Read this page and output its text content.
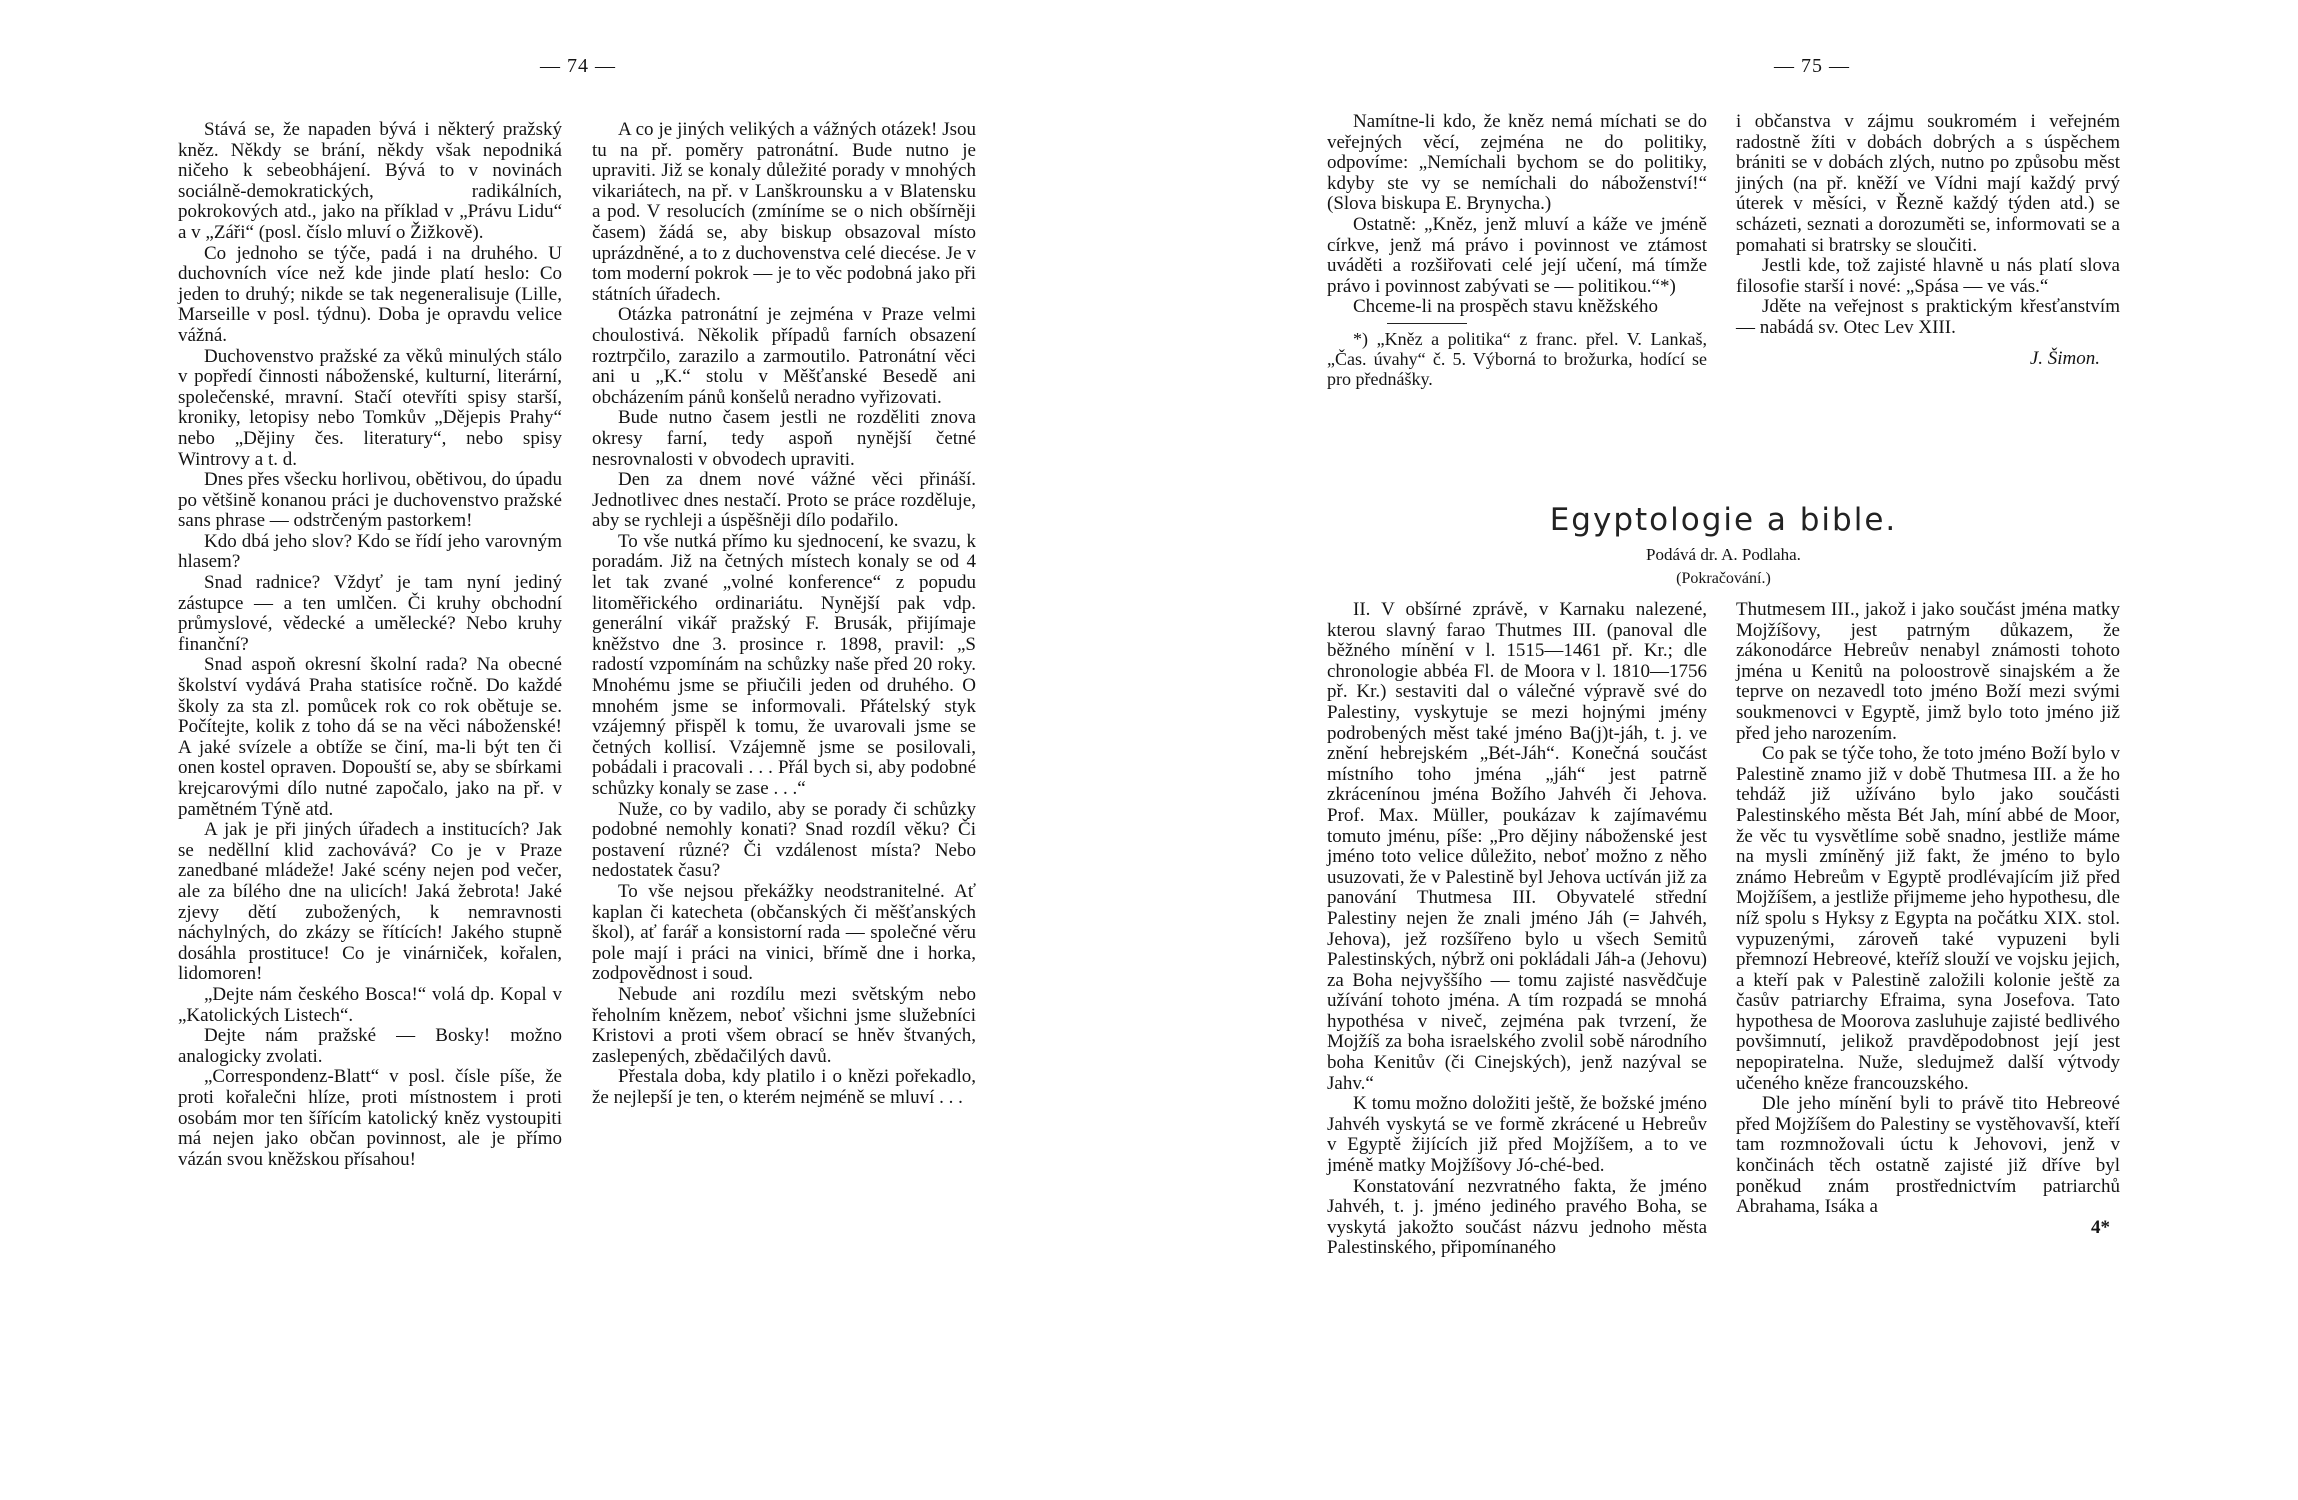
— 74 —

Stává se, že napaden bývá i některý pražský kněz. Někdy se brání, někdy však nepodniká ničeho k sebeobhájení. Bývá to v novinách sociálně-demokratických, radikálních, pokrokových atd., jako na příklad v „Právu Lidu“ a v „Záři“ (posl. číslo mluví o Žižkově).

Co jednoho se týče, padá i na druhého. U duchovních více než kde jinde platí heslo: Co jeden to druhý; nikde se tak negeneralisuje (Lille, Marseille v posl. týdnu). Doba je opravdu velice vážná.

Duchovenstvo pražské za věků minulých stálo v popředí činnosti náboženské, kulturní, literární, společenské, mravní. Stačí otevříti spisy starší, kroniky, letopisy nebo Tomkův „Dějepis Prahy“ nebo „Dějiny čes. literatury“, nebo spisy Wintrovy a t. d.

Dnes přes všecku horlivou, obětivou, do úpadu po většině konanou práci je duchovenstvo pražské sans phrase — odstrčeným pastorkem!

Kdo dbá jeho slov? Kdo se řídí jeho varovným hlasem?

Snad radnice? Vždyť je tam nyní jediný zástupce — a ten umlčen. Či kruhy obchodní průmyslové, vědecké a umělecké? Nebo kruhy finanční?

Snad aspoň okresní školní rada? Na obecné školství vydává Praha statisíce ročně. Do každé školy za sta zl. pomůcek rok co rok obětuje se. Počítejte, kolik z toho dá se na věci náboženské! A jaké svízele a obtíže se činí, ma-li být ten či onen kostel opraven. Dopouští se, aby se sbírkami krejcarovými dílo nutné započalo, jako na př. v pamětném Týně atd.

A jak je při jiných úřadech a institucích? Jak se neděllní klid zachovává? Co je v Praze zanedbané mládeže! Jaké scény nejen pod večer, ale za bílého dne na ulicích! Jaká žebrota! Jaké zjevy dětí zubožených, k nemravnosti náchylných, do zkázy se řítících! Jakého stupně dosáhla prostituce! Co je vinárniček, kořalen, lidomoren!

„Dejte nám českého Bosca!“ volá dp. Kopal v „Katolických Listech“.

Dejte nám pražské — Bosky! možno analogicky zvolati.

„Correspondenz-Blatt“ v posl. čísle píše, že proti kořalečni hlíze, proti místnostem i proti osobám mor ten šířícím katolický kněz vystoupiti má nejen jako občan povinnost, ale je přímo vázán svou kněžskou přísahou!

A co je jiných velikých a vážných otázek! Jsou tu na př. poměry patronátní. Bude nutno je upraviti. Již se konaly důležité porady v mnohých vikariátech, na př. v Lanškrounsku a v Blatensku a pod. V resolucích (zmíníme se o nich obšírněji časem) žádá se, aby biskup obsazoval místo uprázdněné, a to z duchovenstva celé diecése. Je v tom moderní pokrok — je to věc podobná jako při státních úřadech.

Otázka patronátní je zejména v Praze velmi choulostivá. Několik případů farních obsazení roztrpčilo, zarazilo a zarmoutilo. Patronátní věci ani u „K.“ stolu v Měšťanské Besedě ani obcházením pánů konšelů neradno vyřizovati.

Bude nutno časem jestli ne rozděliti znova okresy farní, tedy aspoň nynější četné nesrovnalosti v obvodech upraviti.

Den za dnem nové vážné věci přináší. Jednotlivec dnes nestačí. Proto se práce rozděluje, aby se rychleji a úspěšněji dílo podařilo.

To vše nutká přímo ku sjednocení, ke svazu, k poradám. Již na četných místech konaly se od 4 let tak zvané „volné konference“ z popudu litoměřického ordinariátu. Nynější pak vdp. generální vikář pražský F. Brusák, přijímaje kněžstvo dne 3. prosince r. 1898, pravil: „S radostí vzpomínám na schůzky naše před 20 roky. Mnohému jsme se přiučili jeden od druhého. O mnohém jsme se informovali. Přátelský styk vzájemný přispěl k tomu, že uvarovali jsme se četných kollisí. Vzájemně jsme se posilovali, pobádali i pracovali . . . Přál bych si, aby podobné schůzky konaly se zase . . .“

Nuže, co by vadilo, aby se porady či schůzky podobné nemohly konati? Snad rozdíl věku? Či postavení různé? Či vzdálenost místa? Nebo nedostatek času?

To vše nejsou překážky neodstranitelné. Ať kaplan či katecheta (občanských či měšťanských škol), ať farář a konsistorní rada — společné věru pole mají i práci na vinici, břímě dne i horka, zodpovědnost i soud.

Nebude ani rozdílu mezi světským nebo řeholním knězem, neboť všichni jsme služebníci Kristovi a proti všem obrací se hněv štvaných, zaslepených, zbědačilých davů.

Přestala doba, kdy platilo i o knězi pořekadlo, že nejlepší je ten, o kterém nejméně se mluví . . .

— 75 —

Namítne-li kdo, že kněz nemá míchati se do veřejných věcí, zejména ne do politiky, odpovíme: „Nemíchali bychom se do politiky, kdyby ste vy se nemíchali do náboženství!“ (Slova biskupa E. Brynycha.)

Ostatně: „Kněz, jenž mluví a káže ve jméně církve, jenž má právo i povinnost ve ztámost uváděti a rozšiřovati celé její učení, má tímže právo i povinnost zabývati se — politikou.“*)

Chceme-li na prospěch stavu kněžského

*) „Kněz a politika“ z franc. přel. V. Lankaš, „Čas. úvahy“ č. 5. Výborná to brožurka, hodící se pro přednášky.

i občanstva v zájmu soukromém i veřejném radostně žíti v dobách dobrých a s úspěchem brániti se v dobách zlých, nutno po způsobu měst jiných (na př. kněží ve Vídni mají každý prvý úterek v měsíci, v Řezně každý týden atd.) se scházeti, seznati a dorozuměti se, informovati se a pomahati si bratrsky se sloučiti.

Jestli kde, tož zajisté hlavně u nás platí slova filosofie starší i nové: „Spása — ve vás.“

Jděte na veřejnost s praktickým křesťanstvím — nabádá sv. Otec Lev XIII.

J. Šimon.
Egyptologie a bible.
Podává dr. A. Podlaha.
(Pokračování.)

II. V obšírné zprávě, v Karnaku nalezené, kterou slavný farao Thutmes III. (panoval dle běžného mínění v l. 1515—1461 př. Kr.; dle chronologie abbéa Fl. de Moora v l. 1810—1756 př. Kr.) sestaviti dal o válečné výpravě své do Palestiny, vyskytuje se mezi hojnými jmény podrobených měst také jméno Ba(j)t-jáh, t. j. ve znění hebrejském „Bét-Jáh“. Konečná součást místního toho jména „jáh“ jest patrně zkrácenínou jména Božího Jahvéh či Jehova. Prof. Max. Müller, poukázav k zajímavému tomuto jménu, píše: „Pro dějiny náboženské jest jméno toto velice důležito, neboť možno z něho usuzovati, že v Palestině byl Jehova uctíván již za panování Thutmesa III. Obyvatelé střední Palestiny nejen že znali jméno Jáh (= Jahvéh, Jehova), jež rozšířeno bylo u všech Semitů Palestinských, nýbrž oni pokládali Jáh-a (Jehovu) za Boha nejvyššího — tomu zajisté nasvědčuje užívání tohoto jména. A tím rozpadá se mnohá hypothésa v niveč, zejména pak tvrzení, že Mojžíš za boha israelského zvolil sobě národního boha Kenitův (či Cinejských), jenž nazýval se Jahv.“

K tomu možno doložiti ještě, že božské jméno Jahvéh vyskytá se ve formě zkrácené u Hebreův v Egyptě žijících již před Mojžíšem, a to ve jméně matky Mojžíšovy Jó-ché-bed.

Konstatování nezvratného fakta, že jméno Jahvéh, t. j. jméno jediného pravého Boha, se vyskytá jakožto součást názvu jednoho města Palestinského, připomínaného

Thutmesem III., jakož i jako součást jména matky Mojžíšovy, jest patrným důkazem, že zákonodárce Hebreův nenabyl známosti tohoto jména u Kenitů na poloostrově sinajském a že teprve on nezavedl toto jméno Boží mezi svými soukmenovci v Egyptě, jimž bylo toto jméno již před jeho narozením.

Co pak se týče toho, že toto jméno Boží bylo v Palestině znamo již v době Thutmesa III. a že ho tehdáž již užíváno bylo jako součásti Palestinského města Bét Jah, míní abbé de Moor, že věc tu vysvětlíme sobě snadno, jestliže máme na mysli zmíněný již fakt, že jméno to bylo známo Hebreům v Egyptě prodlévajícím již před Mojžíšem, a jestliže přijmeme jeho hypothesu, dle níž spolu s Hyksy z Egypta na počátku XIX. stol. vypuzenými, zároveň také vypuzeni byli přemnozí Hebreové, kteříž slouží ve vojsku jejich, a kteří pak v Palestině založili kolonie ještě za časův patriarchy Efraima, syna Josefova. Tato hypothesa de Moorova zasluhuje zajisté bedlivého povšimnutí, jelikož pravděpodobnost její jest nepopiratelna. Nuže, sledujmež další výtvody učeného kněze francouzského.

Dle jeho mínění byli to právě tito Hebreové před Mojžíšem do Palestiny se vystěhovavší, kteří tam rozmnožovali úctu k Jehovovi, jenž v končinách těch ostatně zajisté již dříve byl poněkud znám prostřednictvím patriarchů Abrahama, Isáka a

4*
